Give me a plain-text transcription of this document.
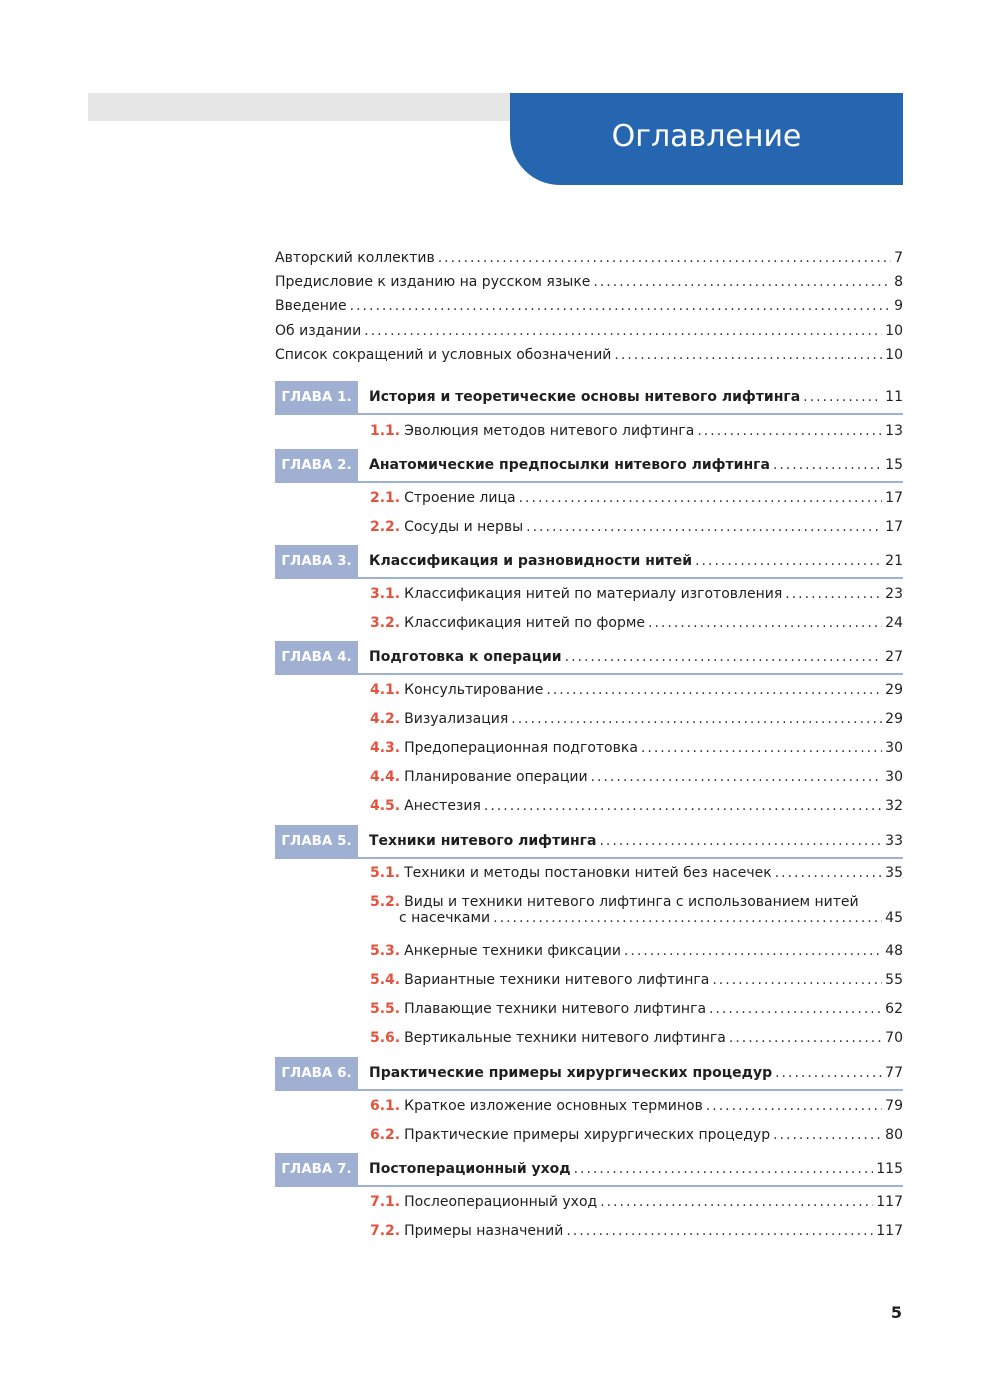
Оглавление
Авторский коллектив .....	7
Предисловие к изданию на русском языке .....	8
Введение .....	9
Об издании .....	10
Список сокращений и условных обозначений .....	10
ГЛАВА 1.	История и теоретические основы нитевого лифтинга .....	11
1.1. Эволюция методов нитевого лифтинга .....	13
ГЛАВА 2.	Анатомические предпосылки нитевого лифтинга .....	15
2.1. Строение лица .....	17
2.2. Сосуды и нервы .....	17
ГЛАВА 3.	Классификация и разновидности нитей .....	21
3.1. Классификация нитей по материалу изготовления .....	23
3.2. Классификация нитей по форме .....	24
ГЛАВА 4.	Подготовка к операции .....	27
4.1. Консультирование .....	29
4.2. Визуализация .....	29
4.3. Предоперационная подготовка .....	30
4.4. Планирование операции .....	30
4.5. Анестезия .....	32
ГЛАВА 5.	Техники нитевого лифтинга .....	33
5.1. Техники и методы постановки нитей без насечек .....	35
5.2. Виды и техники нитевого лифтинга с использованием нитей
с насечками .....	45
5.3. Анкерные техники фиксации .....	48
5.4. Вариантные техники нитевого лифтинга .....	55
5.5. Плавающие техники нитевого лифтинга .....	62
5.6. Вертикальные техники нитевого лифтинга .....	70
ГЛАВА 6.	Практические примеры хирургических процедур .....	77
6.1. Краткое изложение основных терминов .....	79
6.2. Практические примеры хирургических процедур .....	80
ГЛАВА 7.	Постоперационный уход .....	115
7.1. Послеоперационный уход .....	117
7.2. Примеры назначений .....	117
5
